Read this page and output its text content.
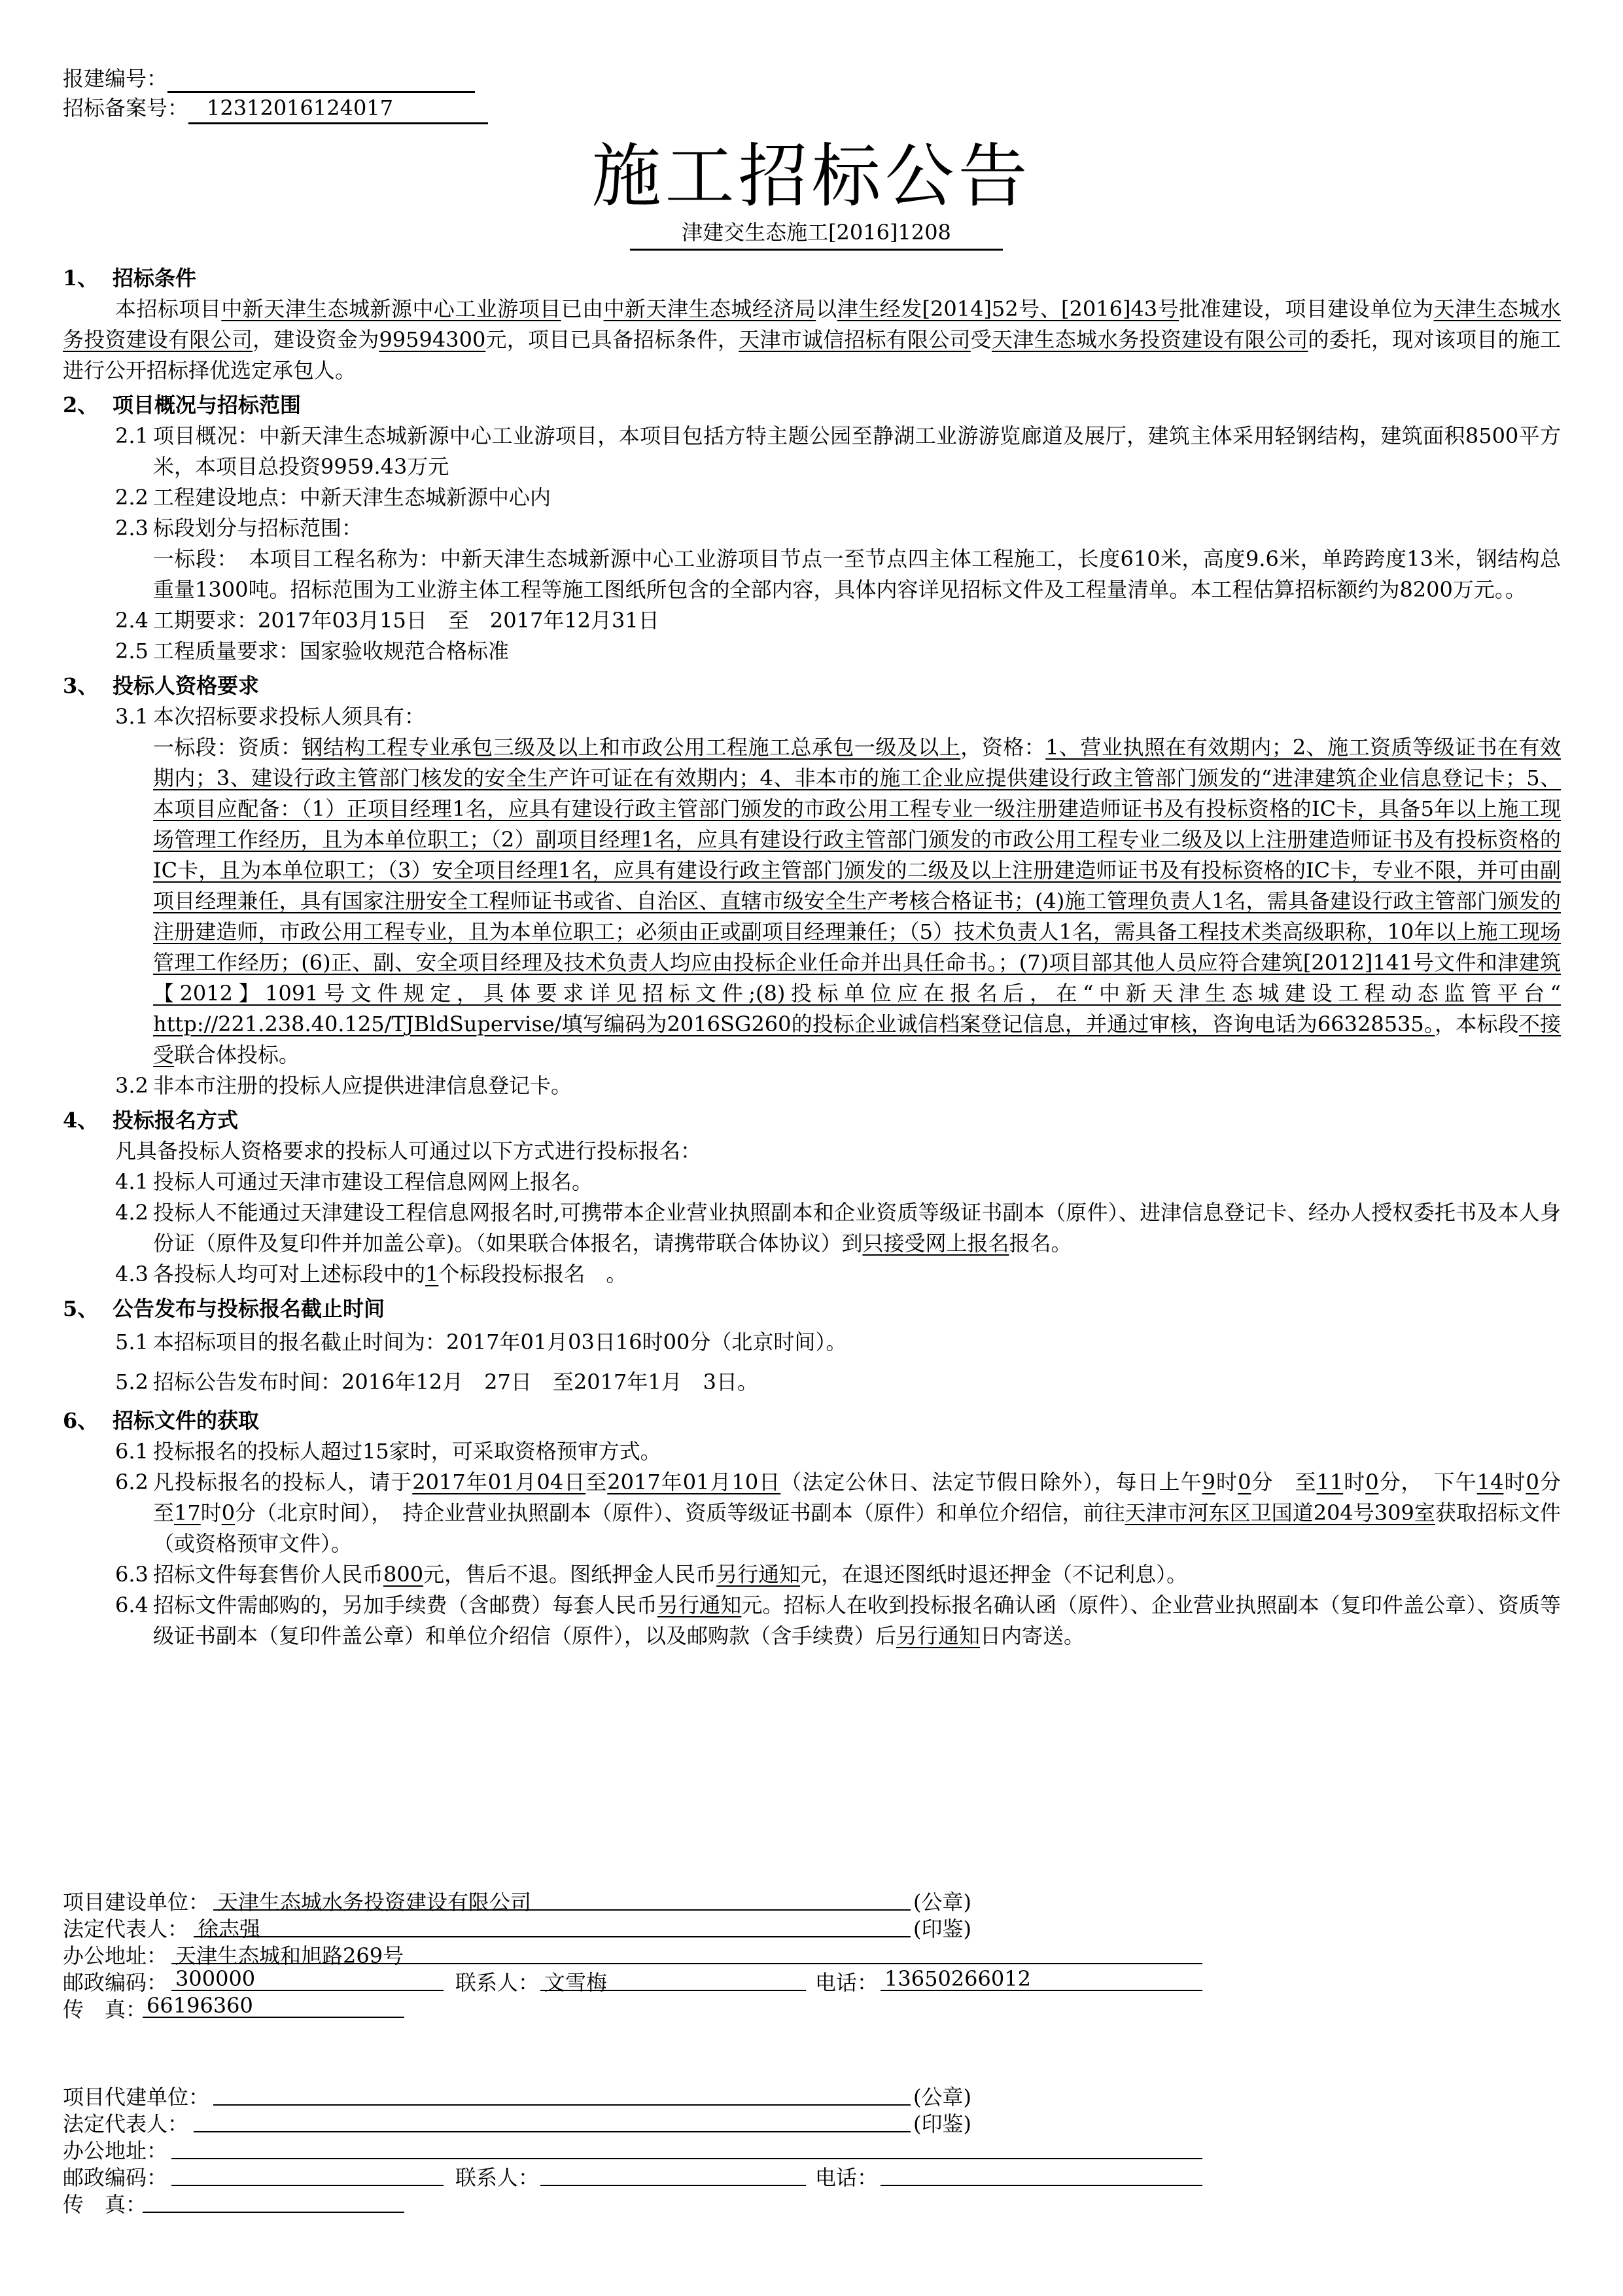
报建编号：
招标备案号： 12312016124017
施工招标公告
津建交生态施工[2016]1208
1、 招标条件
本招标项目中新天津生态城新源中心工业游项目已由中新天津生态城经济局以津生经发[2014]52号、[2016]43号批准建设，项目建设单位为天津生态城水务投资建设有限公司，建设资金为99594300元，项目已具备招标条件，天津市诚信招标有限公司受天津生态城水务投资建设有限公司的委托，现对该项目的施工进行公开招标择优选定承包人。
2、 项目概况与招标范围
2.1 项目概况：中新天津生态城新源中心工业游项目，本项目包括方特主题公园至静湖工业游游览廊道及展厅，建筑主体采用轻钢结构，建筑面积8500平方米，本项目总投资9959.43万元
2.2 工程建设地点：中新天津生态城新源中心内
2.3 标段划分与招标范围：
一标段：　本项目工程名称为：中新天津生态城新源中心工业游项目节点一至节点四主体工程施工，长度610米，高度9.6米，单跨跨度13米，钢结构总重量1300吨。招标范围为工业游主体工程等施工图纸所包含的全部内容，具体内容详见招标文件及工程量清单。本工程估算招标额约为8200万元。。
2.4 工期要求：2017年03月15日　至　2017年12月31日
2.5 工程质量要求：国家验收规范合格标准
3、 投标人资格要求
3.1 本次招标要求投标人须具有：
一标段：资质：钢结构工程专业承包三级及以上和市政公用工程施工总承包一级及以上，资格：1、营业执照在有效期内；2、施工资质等级证书在有效期内；3、建设行政主管部门核发的安全生产许可证在有效期内；4、非本市的施工企业应提供建设行政主管部门颁发的“进津建筑企业信息登记卡；5、本项目应配备：（1）正项目经理1名，应具有建设行政主管部门颁发的市政公用工程专业一级注册建造师证书及有投标资格的IC卡，具备5年以上施工现场管理工作经历，且为本单位职工；（2）副项目经理1名，应具有建设行政主管部门颁发的市政公用工程专业二级及以上注册建造师证书及有投标资格的IC卡，且为本单位职工；（3）安全项目经理1名，应具有建设行政主管部门颁发的二级及以上注册建造师证书及有投标资格的IC卡，专业不限，并可由副项目经理兼任，具有国家注册安全工程师证书或省、自治区、直辖市级安全生产考核合格证书；(4)施工管理负责人1名，需具备建设行政主管部门颁发的注册建造师，市政公用工程专业，且为本单位职工；必须由正或副项目经理兼任；（5）技术负责人1名，需具备工程技术类高级职称，10年以上施工现场管理工作经历；(6)正、副、安全项目经理及技术负责人均应由投标企业任命并出具任命书。；(7)项目部其他人员应符合建筑[2012]141号文件和津建筑【2012】1091号文件规定，具体要求详见招标文件;(8)投标单位应在报名后，在“中新天津生态城建设工程动态监管平台“ http://221.238.40.125/TJBldSupervise/填写编码为2016SG260的投标企业诚信档案登记信息，并通过审核，咨询电话为66328535。，本标段不接受联合体投标。
3.2 非本市注册的投标人应提供进津信息登记卡。
4、 投标报名方式
凡具备投标人资格要求的投标人可通过以下方式进行投标报名：
4.1 投标人可通过天津市建设工程信息网网上报名。
4.2 投标人不能通过天津建设工程信息网报名时,可携带本企业营业执照副本和企业资质等级证书副本（原件）、进津信息登记卡、经办人授权委托书及本人身份证（原件及复印件并加盖公章)。（如果联合体报名，请携带联合体协议）到只接受网上报名报名。
4.3 各投标人均可对上述标段中的1个标段投标报名　。
5、 公告发布与投标报名截止时间
5.1 本招标项目的报名截止时间为：2017年01月03日16时00分（北京时间）。
5.2 招标公告发布时间：2016年12月　27日　至2017年1月　3日。
6、 招标文件的获取
6.1 投标报名的投标人超过15家时，可采取资格预审方式。
6.2 凡投标报名的投标人，请于2017年01月04日至2017年01月10日（法定公休日、法定节假日除外），每日上午9时0分　至11时0分，　下午14时0分　至17时0分（北京时间），　持企业营业执照副本（原件）、资质等级证书副本（原件）和单位介绍信，前往天津市河东区卫国道204号309室获取招标文件（或资格预审文件）。
6.3 招标文件每套售价人民币800元，售后不退。图纸押金人民币另行通知元，在退还图纸时退还押金（不记利息）。
6.4 招标文件需邮购的，另加手续费（含邮费）每套人民币另行通知元。招标人在收到投标报名确认函（原件）、企业营业执照副本（复印件盖公章）、资质等级证书副本（复印件盖公章）和单位介绍信（原件），以及邮购款（含手续费）后另行通知日内寄送。
项目建设单位： 天津生态城水务投资建设有限公司	(公章)
法定代表人： 徐志强	(印鉴)
办公地址： 天津生态城和旭路269号
邮政编码： 300000	联系人： 文雪梅	电话： 13650266012
传　真： 66196360
项目代建单位：	(公章)
法定代表人：	(印鉴)
办公地址：
邮政编码：	联系人：	电话：
传　真：
